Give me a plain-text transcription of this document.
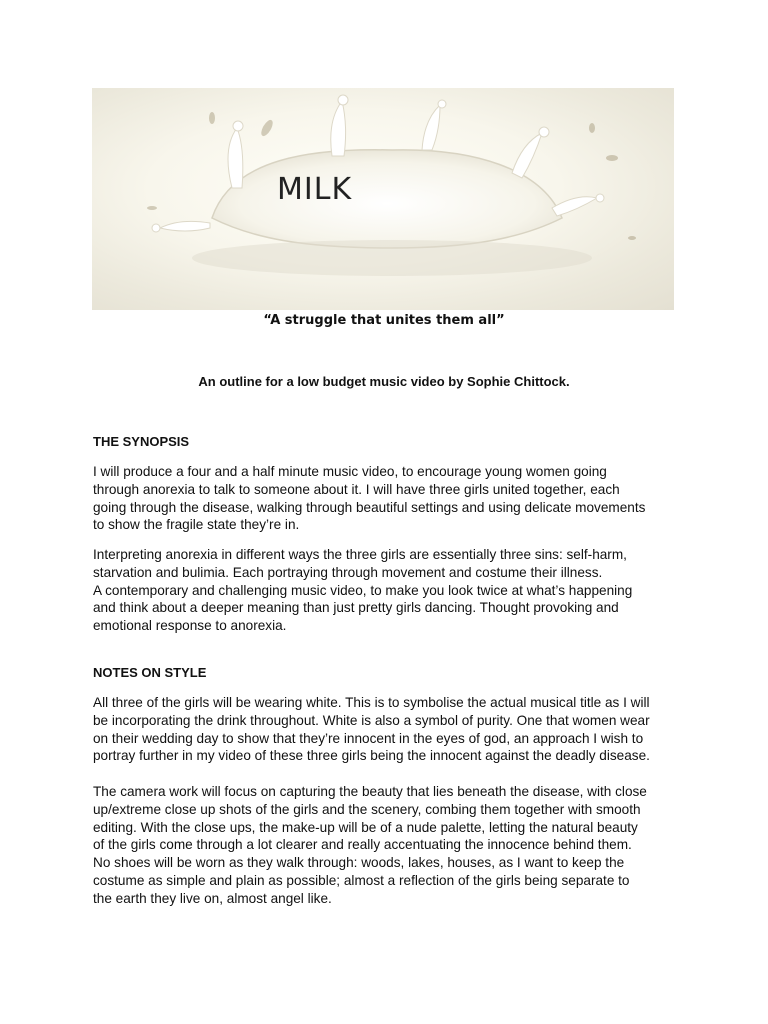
MILK
“A struggle that unites them all”
An outline for a low budget music video by Sophie Chittock.
THE SYNOPSIS

I will produce a four and a half minute music video, to encourage young women going
through anorexia to talk to someone about it. I will have three girls united together, each
going through the disease, walking through beautiful settings and using delicate movements
to show the fragile state they’re in.

Interpreting anorexia in different ways the three girls are essentially three sins: self-harm,
starvation and bulimia. Each portraying through movement and costume their illness.
A contemporary and challenging music video, to make you look twice at what’s happening
and think about a deeper meaning than just pretty girls dancing. Thought provoking and
emotional response to anorexia.

NOTES ON STYLE

All three of the girls will be wearing white. This is to symbolise the actual musical title as I will
be incorporating the drink throughout. White is also a symbol of purity. One that women wear
on their wedding day to show that they’re innocent in the eyes of god, an approach I wish to
portray further in my video of these three girls being the innocent against the deadly disease.

The camera work will focus on capturing the beauty that lies beneath the disease, with close
up/extreme close up shots of the girls and the scenery, combing them together with smooth
editing. With the close ups, the make-up will be of a nude palette, letting the natural beauty
of the girls come through a lot clearer and really accentuating the innocence behind them.
No shoes will be worn as they walk through: woods, lakes, houses, as I want to keep the
costume as simple and plain as possible; almost a reflection of the girls being separate to
the earth they live on, almost angel like.
